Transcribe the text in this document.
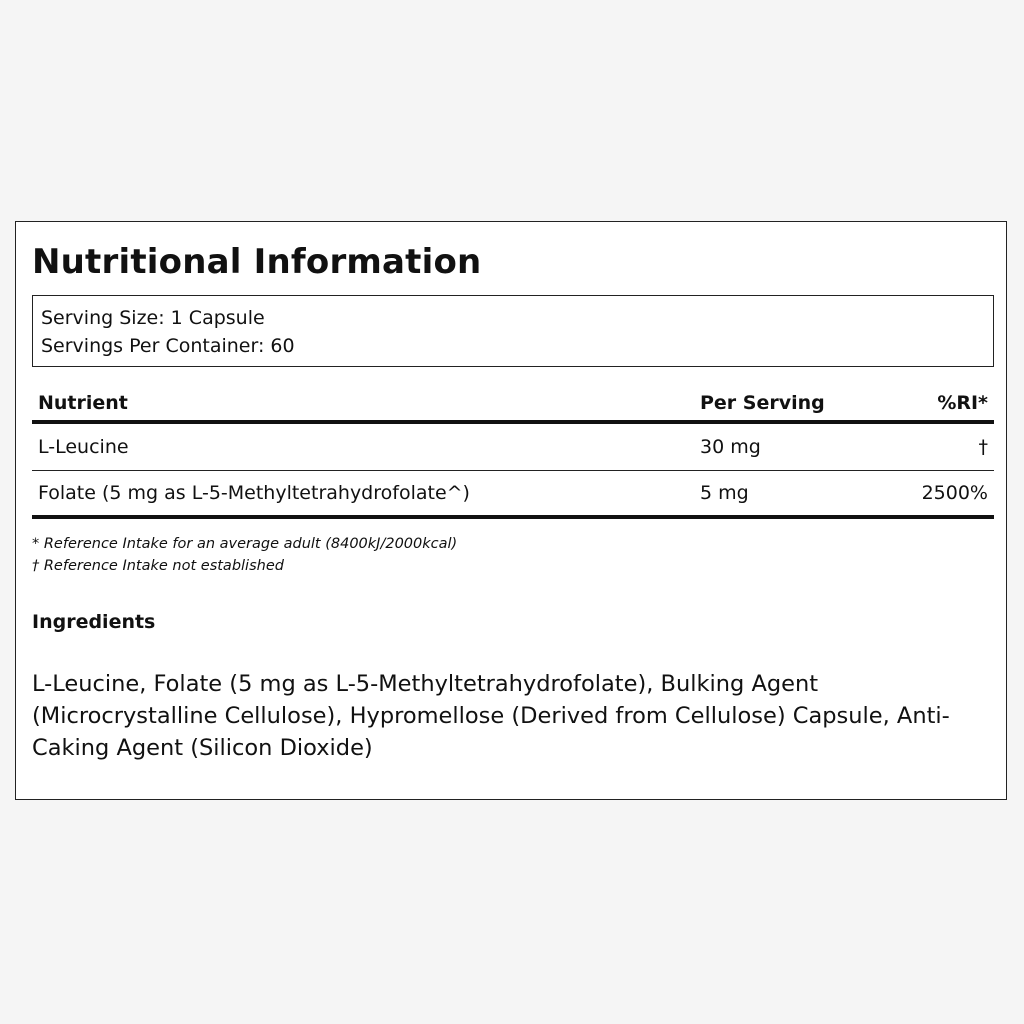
Nutritional Information
Serving Size: 1 Capsule
Servings Per Container: 60
Nutrient	Per Serving	%RI*
L-Leucine	30 mg	†
Folate (5 mg as L-5-Methyltetrahydrofolate^)	5 mg	2500%
* Reference Intake for an average adult (8400kJ/2000kcal)
† Reference Intake not established
Ingredients

L-Leucine, Folate (5 mg as L-5-Methyltetrahydrofolate), Bulking Agent (Microcrystalline Cellulose), Hypromellose (Derived from Cellulose) Capsule, Anti-Caking Agent (Silicon Dioxide)
